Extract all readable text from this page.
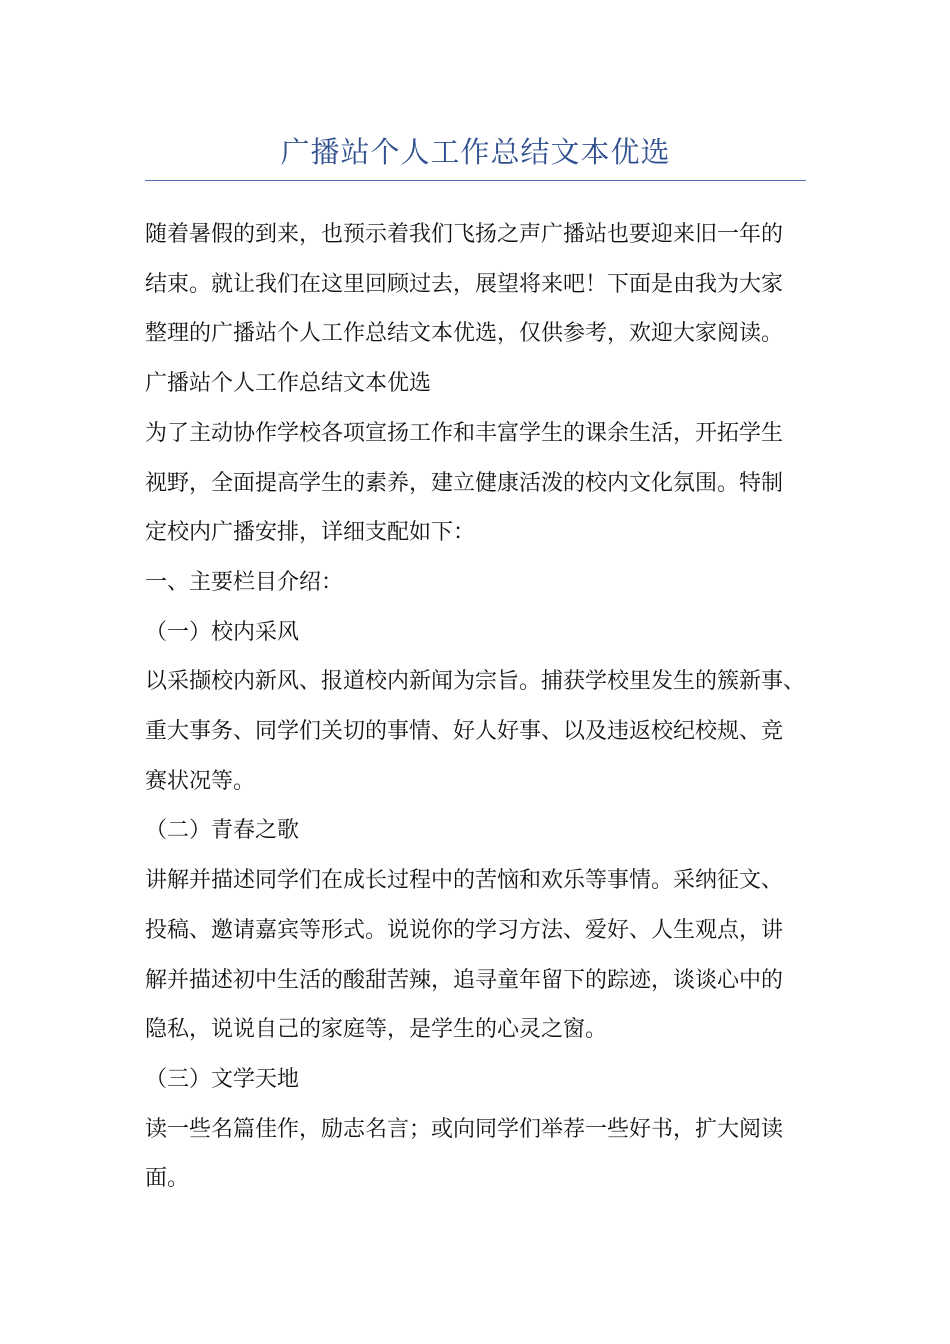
广播站个人工作总结文本优选

随着暑假的到来，也预示着我们飞扬之声广播站也要迎来旧一年的

结束。就让我们在这里回顾过去，展望将来吧！下面是由我为大家

整理的广播站个人工作总结文本优选，仅供参考，欢迎大家阅读。

广播站个人工作总结文本优选

为了主动协作学校各项宣扬工作和丰富学生的课余生活，开拓学生

视野，全面提高学生的素养，建立健康活泼的校内文化氛围。特制

定校内广播安排，详细支配如下：

一、主要栏目介绍：

（一）校内采风

以采撷校内新风、报道校内新闻为宗旨。捕获学校里发生的簇新事、

重大事务、同学们关切的事情、好人好事、以及违返校纪校规、竞

赛状况等。

（二）青春之歌

讲解并描述同学们在成长过程中的苦恼和欢乐等事情。采纳征文、

投稿、邀请嘉宾等形式。说说你的学习方法、爱好、人生观点，讲

解并描述初中生活的酸甜苦辣，追寻童年留下的踪迹，谈谈心中的

隐私，说说自己的家庭等，是学生的心灵之窗。

（三）文学天地

读一些名篇佳作，励志名言；或向同学们举荐一些好书，扩大阅读

面。
